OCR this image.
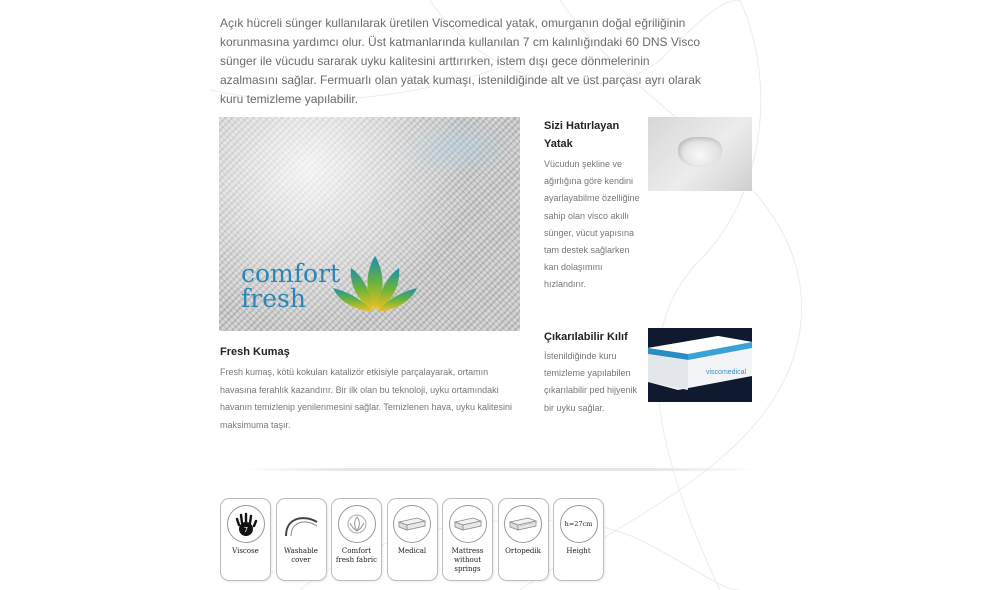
Açık hücreli sünger kullanılarak üretilen Viscomedical yatak, omurganın doğal eğriliğinin korunmasına yardımcı olur. Üst katmanlarında kullanılan 7 cm kalınlığındaki 60 DNS Visco sünger ile vücudu sararak uyku kalitesini arttırırken, istem dışı gece dönmelerinin azalmasını sağlar. Fermuarlı olan yatak kumaşı, istenildiğinde alt ve üst parçası ayrı olarak kuru temizleme yapılabilir.
comfort
fresh
Fresh Kumaş
Fresh kumaş, kötü kokuları katalizör etkisiyle parçalayarak, ortamın havasına ferahlık kazandırır. Bir ilk olan bu teknoloji, uyku ortamındaki havanın temizlenip yenilenmesini sağlar. Temizlenen hava, uyku kalitesini maksimuma taşır.
Sizi Hatırlayan Yatak
Vücudun şekline ve ağırlığına göre kendini ayarlayabilme özelliğine sahip olan visco akıllı sünger, vücut yapısına tam destek sağlarken kan dolaşımını hızlandırır.
Çıkarılabilir Kılıf
İstenildiğinde kuru temizleme yapılabilen çıkarılabilir ped hijyenik bir uyku sağlar.
viscomedical
7
Viscose	Washable cover
Comfort fresh fabric
Medical	Mattress without springs
Ortopedik
h=27cm
Height
